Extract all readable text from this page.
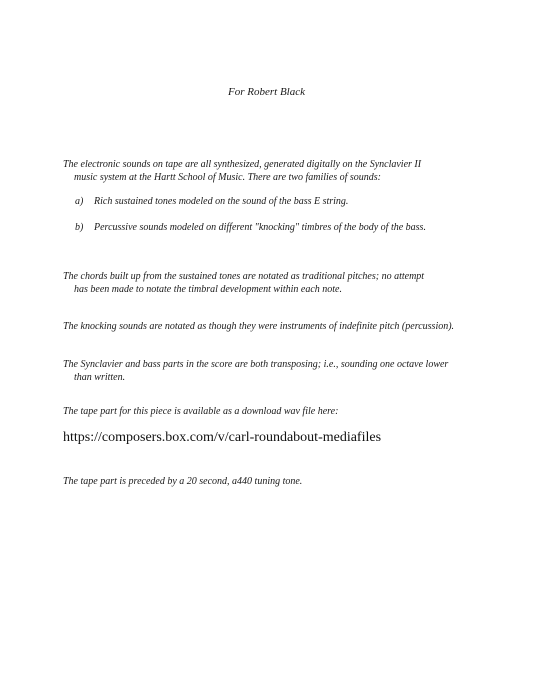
For Robert Black
The electronic sounds on tape are all synthesized, generated digitally on the Synclavier II
music system at the Hartt School of Music. There are two families of sounds:
a) Rich sustained tones modeled on the sound of the bass E string.
b) Percussive sounds modeled on different "knocking" timbres of the body of the bass.
The chords built up from the sustained tones are notated as traditional pitches; no attempt
has been made to notate the timbral development within each note.
The knocking sounds are notated as though they were instruments of indefinite pitch (percussion).
The Synclavier and bass parts in the score are both transposing; i.e., sounding one octave lower
than written.
The tape part for this piece is available as a download wav file here:
https://composers.box.com/v/carl-roundabout-mediafiles
The tape part is preceded by a 20 second, a440 tuning tone.
